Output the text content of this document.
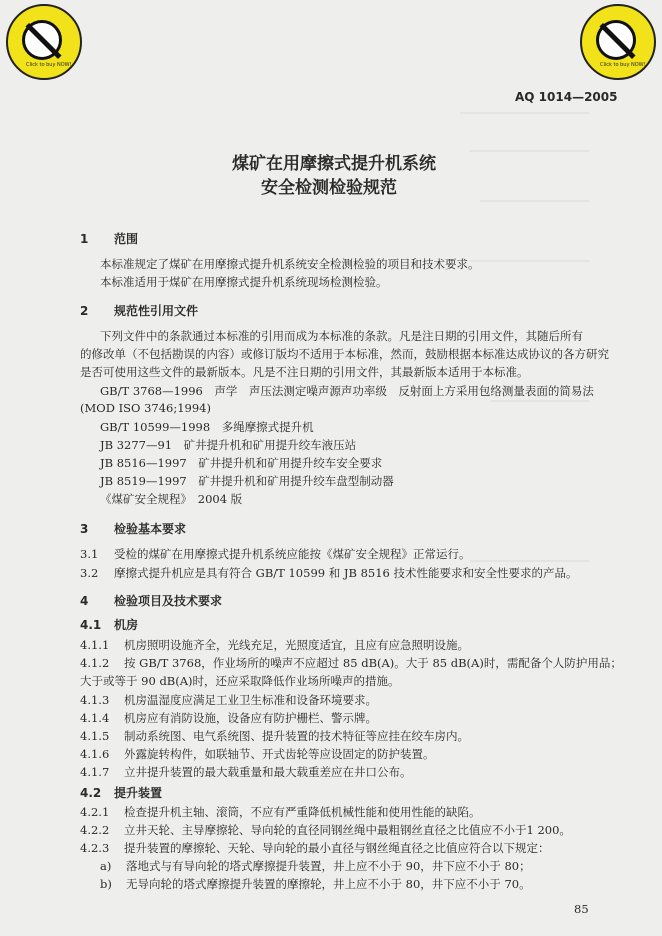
Click to buy NOW!	Click to buy NOW!
AQ 1014—2005
煤矿在用摩擦式提升机系统
安全检测检验规范
1 范围
本标准规定了煤矿在用摩擦式提升机系统安全检测检验的项目和技术要求。
本标准适用于煤矿在用摩擦式提升机系统现场检测检验。
2 规范性引用文件
下列文件中的条款通过本标准的引用而成为本标准的条款。凡是注日期的引用文件，其随后所有
的修改单（不包括勘误的内容）或修订版均不适用于本标准，然而，鼓励根据本标准达成协议的各方研究
是否可使用这些文件的最新版本。凡是不注日期的引用文件，其最新版本适用于本标准。
GB/T 3768—1996　声学　声压法测定噪声源声功率级　反射面上方采用包络测量表面的简易法
(MOD ISO 3746;1994)
GB/T 10599—1998　多绳摩擦式提升机
JB 3277—91　矿井提升机和矿用提升绞车液压站
JB 8516—1997　矿井提升机和矿用提升绞车安全要求
JB 8519—1997　矿井提升机和矿用提升绞车盘型制动器
《煤矿安全规程》　2004 版
3 检验基本要求
3.1 受检的煤矿在用摩擦式提升机系统应能按《煤矿安全规程》正常运行。
3.2 摩擦式提升机应是具有符合 GB/T 10599 和 JB 8516 技术性能要求和安全性要求的产品。
4 检验项目及技术要求
4.1 机房
4.1.1 机房照明设施齐全，光线充足，光照度适宜，且应有应急照明设施。
4.1.2 按 GB/T 3768，作业场所的噪声不应超过 85 dB(A)。大于 85 dB(A)时，需配备个人防护用品；
大于或等于 90 dB(A)时，还应采取降低作业场所噪声的措施。
4.1.3 机房温湿度应满足工业卫生标准和设备环境要求。
4.1.4 机房应有消防设施，设备应有防护栅栏、警示牌。
4.1.5 制动系统图、电气系统图、提升装置的技术特征等应挂在绞车房内。
4.1.6 外露旋转构件，如联轴节、开式齿轮等应设固定的防护装置。
4.1.7 立井提升装置的最大载重量和最大载重差应在井口公布。
4.2 提升装置
4.2.1 检查提升机主轴、滚筒，不应有严重降低机械性能和使用性能的缺陷。
4.2.2 立井天轮、主导摩擦轮、导向轮的直径同钢丝绳中最粗钢丝直径之比值应不小于1 200。
4.2.3 提升装置的摩擦轮、天轮、导向轮的最小直径与钢丝绳直径之比值应符合以下规定：
a) 落地式与有导向轮的塔式摩擦提升装置，井上应不小于 90，井下应不小于 80；
b) 无导向轮的塔式摩擦提升装置的摩擦轮，井上应不小于 80，井下应不小于 70。
85
